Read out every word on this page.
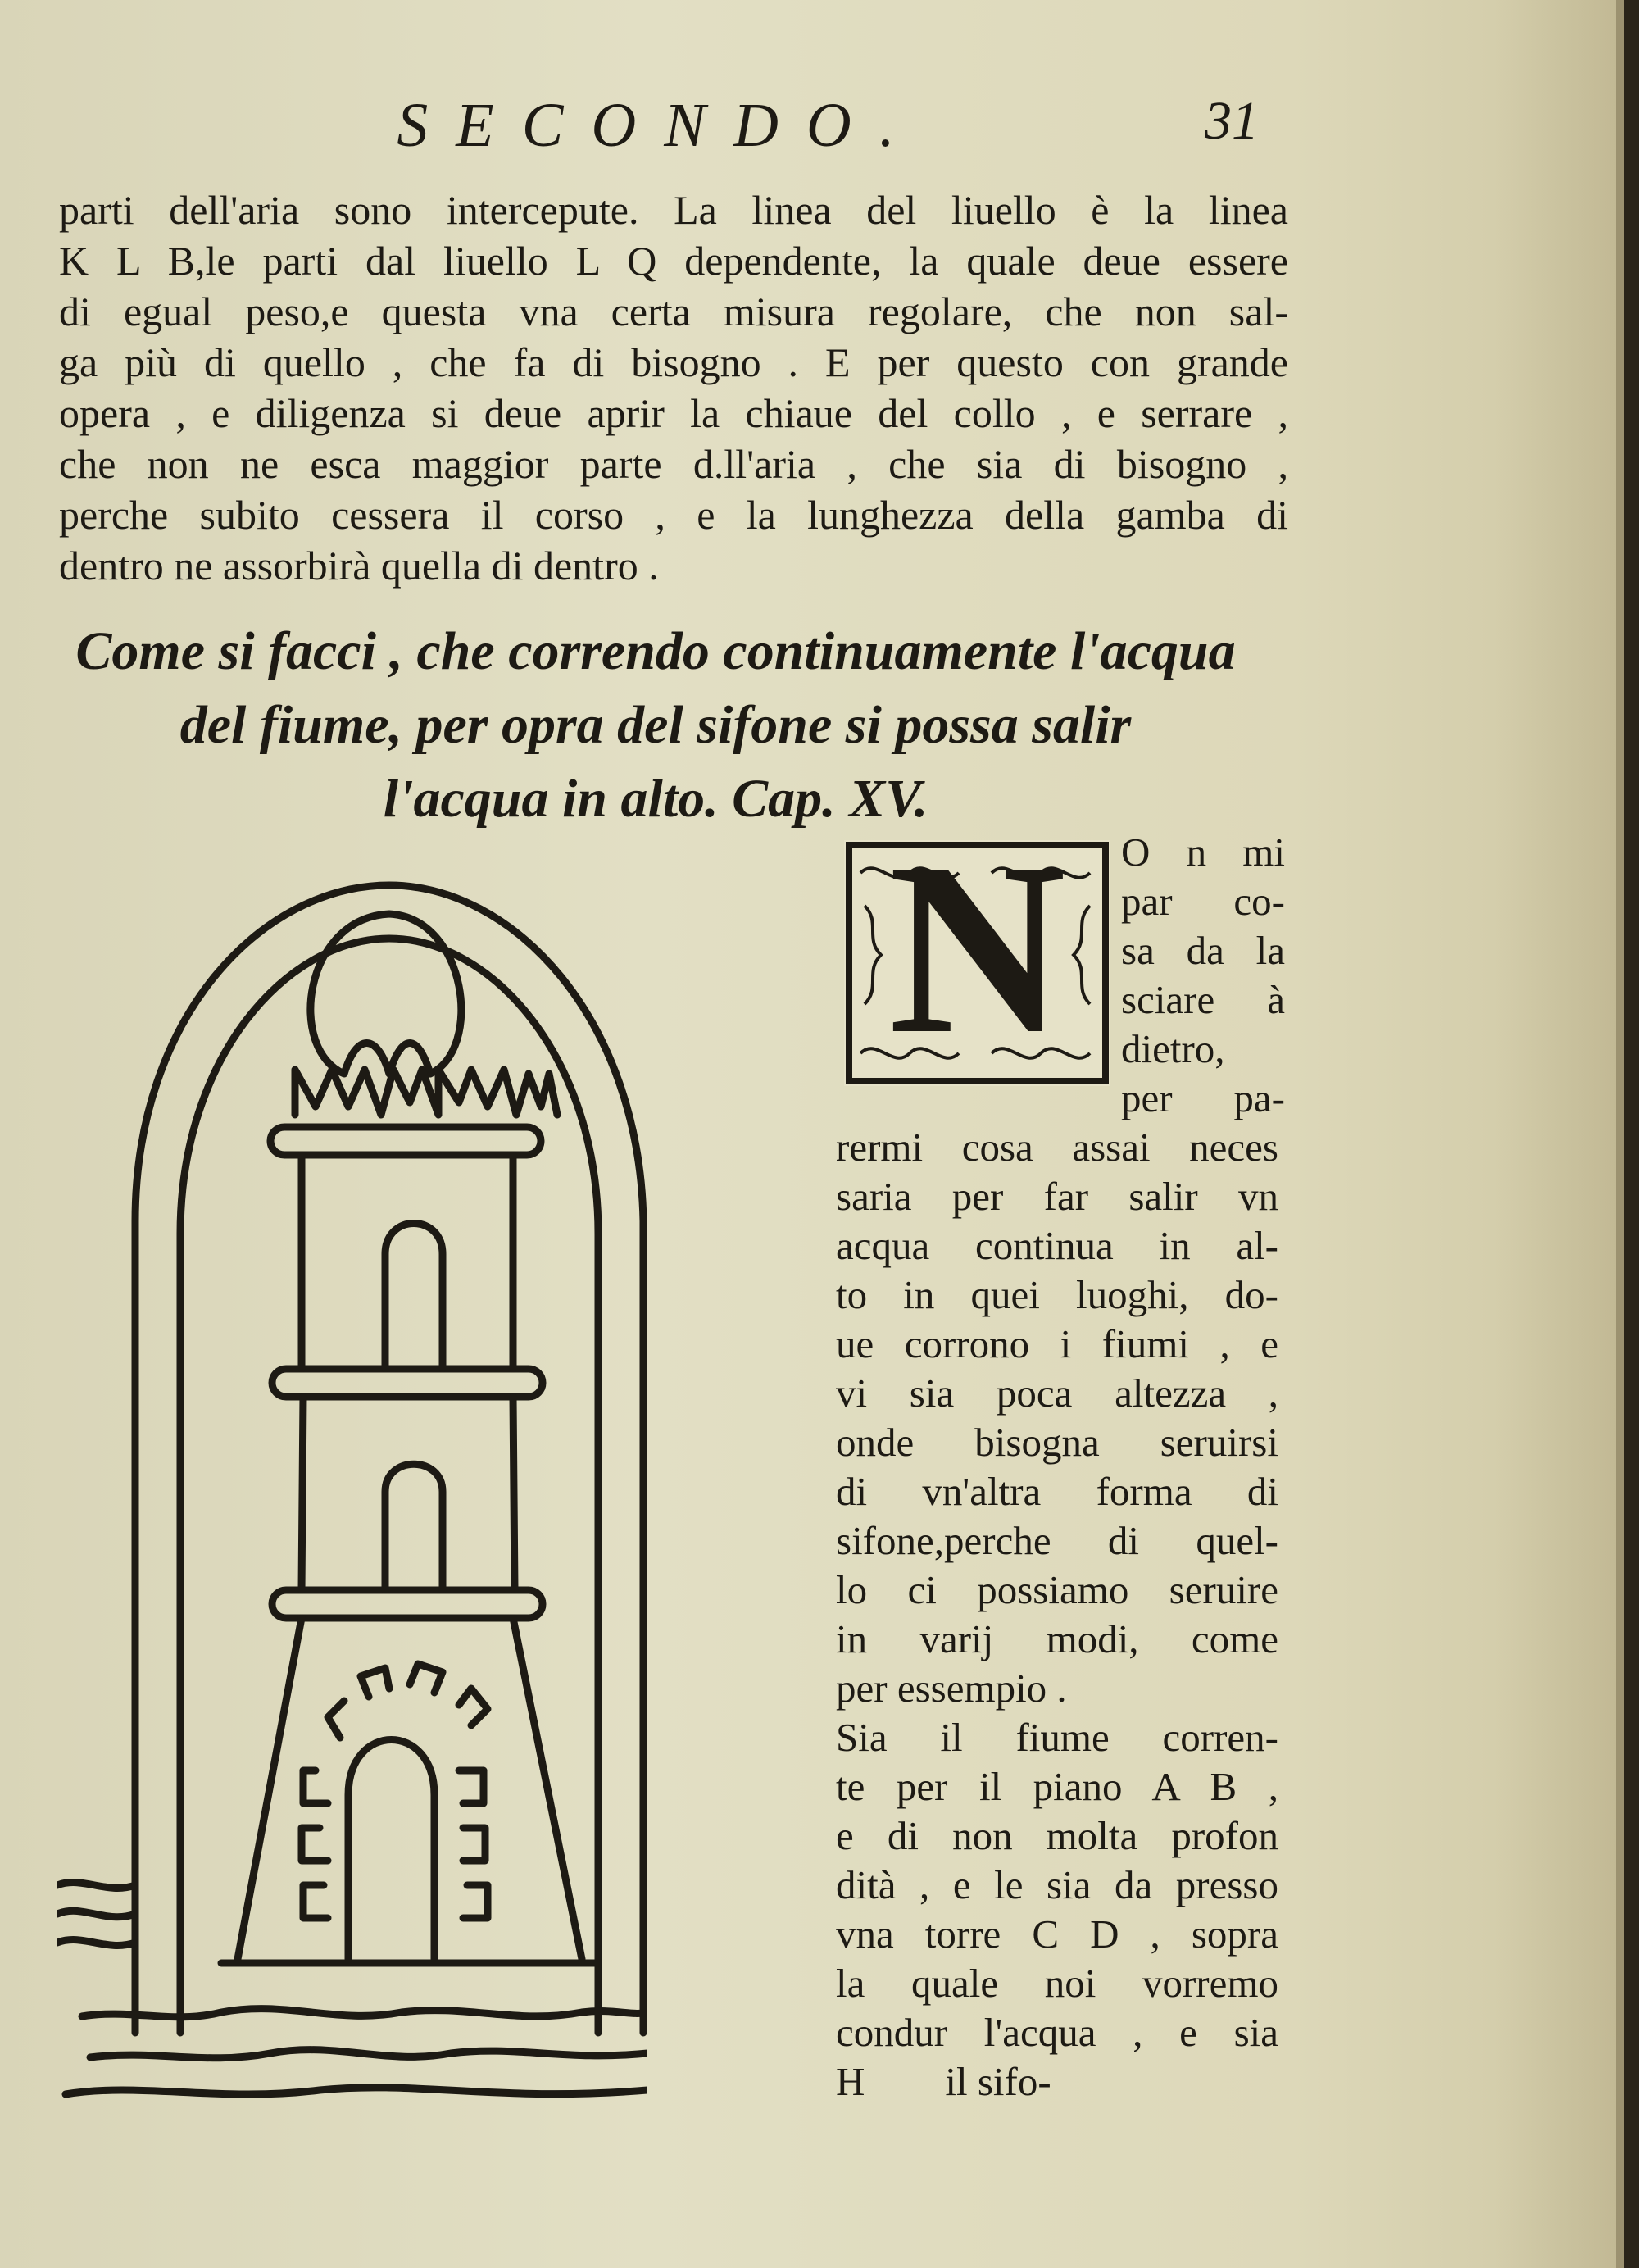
SECONDO.	31
parti dell'aria sono intercepute. La linea del liuello è la linea
K L B,le parti dal liuello L Q dependente, la quale deue essere
di egual peso,e questa vna certa misura regolare, che non sal-
ga più di quello , che fa di bisogno . E per questo con grande
opera , e diligenza si deue aprir la chiaue del collo , e serrare ,
che non ne esca maggior parte d.ll'aria , che sia di bisogno ,
perche subito cessera il corso , e la lunghezza della gamba di
dentro ne assorbirà quella di dentro .
Come si facci , che correndo continuamente l'acqua
del fiume, per opra del sifone si possa salir
l'acqua in alto. Cap. XV.
N	O n mi
par co-
sa da la
sciare à
dietro,
per pa-
rermi cosa assai neces
saria per far salir vn
acqua continua in al-
to in quei luoghi, do-
ue corrono i fiumi , e
vi sia poca altezza ,
onde bisogna seruirsi
di vn'altra forma di
sifone,perche di quel-
lo ci possiamo seruire
in varij modi, come
per essempio .
Sia il fiume corren-
te per il piano A B ,
e di non molta profon
dità , e le sia da presso
vna torre C D , sopra
la quale noi vorremo
condur l'acqua , e sia
H        il sifo-
